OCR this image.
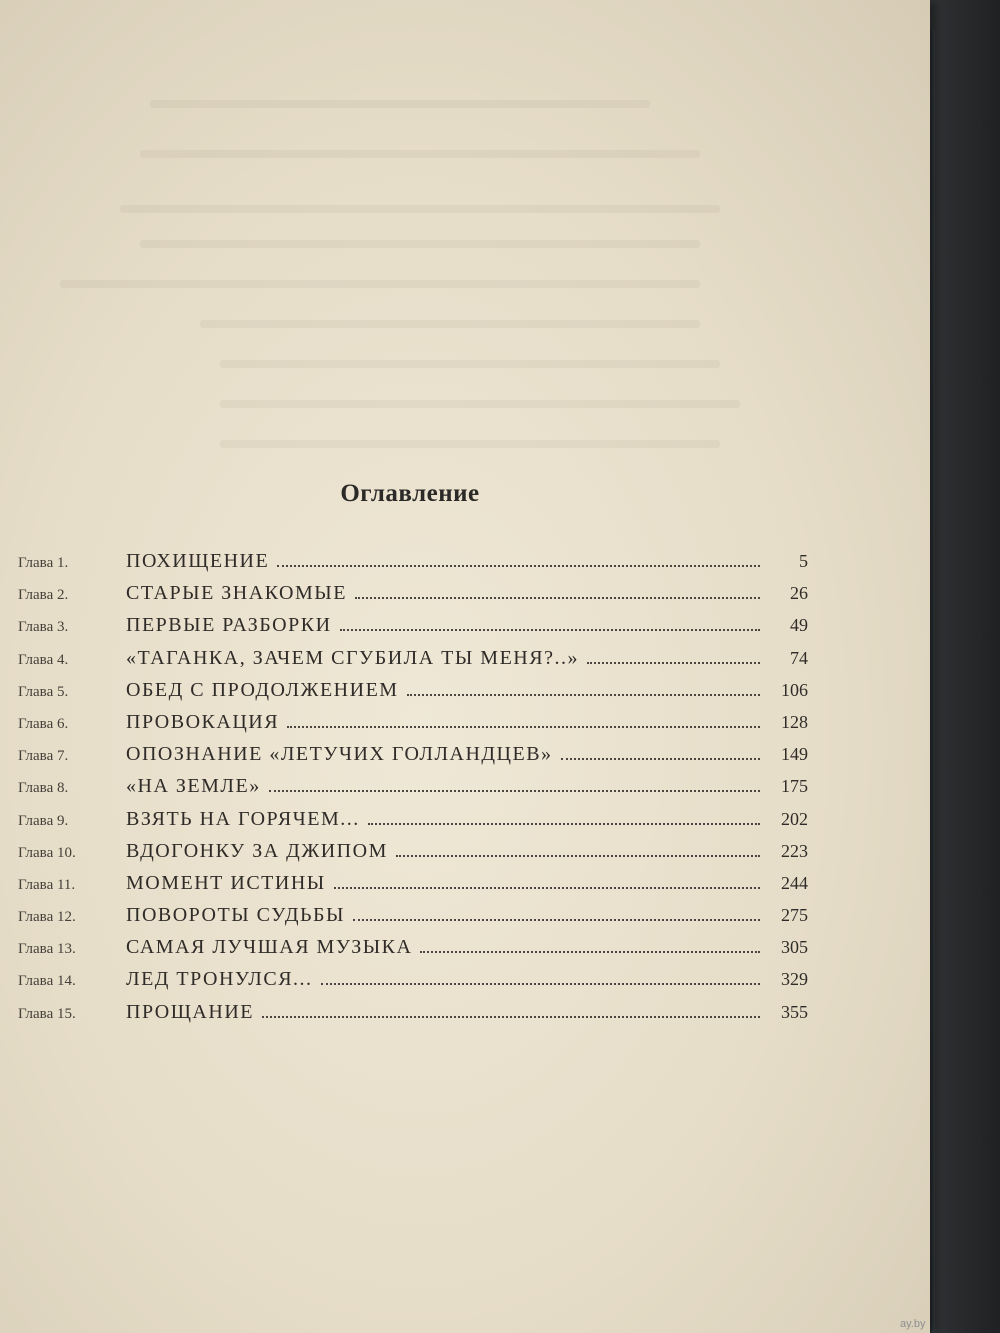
Оглавление
Глава 1.	ПОХИЩЕНИЕ	5
Глава 2.	СТАРЫЕ ЗНАКОМЫЕ	26
Глава 3.	ПЕРВЫЕ РАЗБОРКИ	49
Глава 4.	«ТАГАНКА, ЗАЧЕМ СГУБИЛА ТЫ МЕНЯ?..»	74
Глава 5.	ОБЕД С ПРОДОЛЖЕНИЕМ	106
Глава 6.	ПРОВОКАЦИЯ	128
Глава 7.	ОПОЗНАНИЕ «ЛЕТУЧИХ ГОЛЛАНДЦЕВ»	149
Глава 8.	«НА ЗЕМЛЕ»	175
Глава 9.	ВЗЯТЬ НА ГОРЯЧЕМ...	202
Глава 10.	ВДОГОНКУ ЗА ДЖИПОМ	223
Глава 11.	МОМЕНТ ИСТИНЫ	244
Глава 12.	ПОВОРОТЫ СУДЬБЫ	275
Глава 13.	САМАЯ ЛУЧШАЯ МУЗЫКА	305
Глава 14.	ЛЕД ТРОНУЛСЯ...	329
Глава 15.	ПРОЩАНИЕ	355
ay.by
